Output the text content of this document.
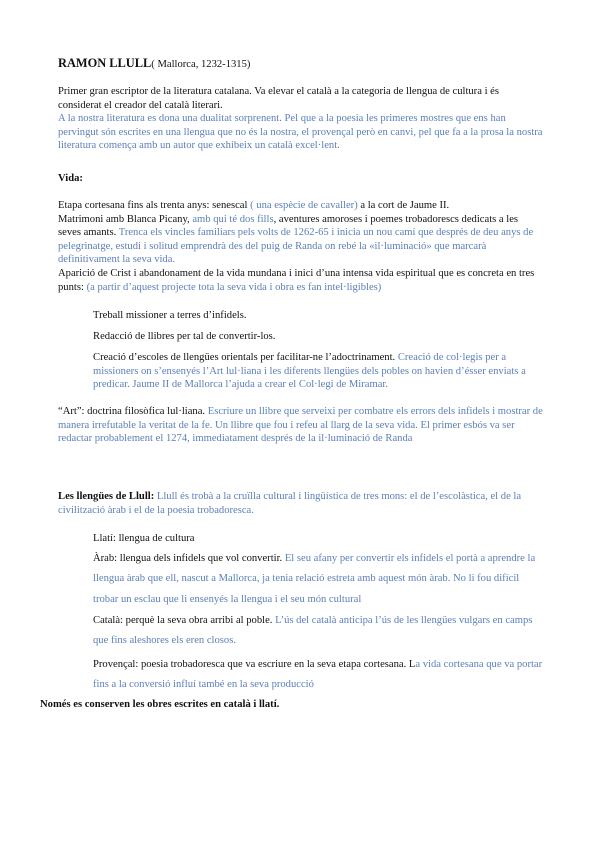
RAMON LLULL( Mallorca, 1232-1315)
Primer gran escriptor de la literatura catalana. Va elevar el català a la categoria de llengua de cultura i és considerat el creador del català literari.
A la nostra literatura es dona una dualitat sorprenent. Pel que a la poesia les primeres mostres que ens han pervingut són escrites en una llengua que no és la nostra, el provençal però en canvi, pel que fa a la prosa la nostra literatura comença amb un autor que exhibeix un català excel·lent.
Vida:
Etapa cortesana fins als trenta anys: senescal ( una espècie de cavaller) a la cort de Jaume II.
Matrimoni amb Blanca Picany, amb qui té dos fills, aventures amoroses i poemes trobadorescs dedicats a les seves amants. Trenca els vincles familiars pels volts de 1262-65 i inicia un nou camí que després de deu anys de pelegrinatge, estudi i solitud emprendrà des del puig de Randa on rebé la «il·luminació» que marcarà definitivament la seva vida.
Aparició de Crist i abandonament de la vida mundana i inici d’una intensa vida espiritual que es concreta en tres punts: (a partir d’aquest projecte tota la seva vida i obra es fan intel·ligibles)
Treball missioner a terres d’infidels.
Redacció de llibres per tal de convertir-los.
Creació d’escoles de llengües orientals per facilitar-ne l’adoctrinament. Creació de col·legis per a missioners on s’ensenyés l’Art lul·liana i les diferents llengües dels pobles on havien d’ésser enviats a predicar. Jaume II de Mallorca l’ajuda a crear el Col·legi de Miramar.
“Art”: doctrina filosòfica lul·liana. Escriure un llibre que serveixi per combatre els errors dels infidels i mostrar de manera irrefutable la veritat de la fe. Un llibre que fou i refeu al llarg de la seva vida. El primer esbós va ser redactar probablement el 1274, immediatament després de la il·luminació de Randa
Les llengües de Llull: Llull és trobà a la cruïlla cultural i lingüística de tres mons: el de l’escolàstica, el de la civilització àrab i el de la poesia trobadoresca.
Llatí: llengua de cultura
Àrab: llengua dels infidels que vol convertir. El seu afany per convertir els infidels el portà a aprendre la llengua àrab que ell, nascut a Mallorca, ja tenia relació estreta amb aquest món àrab. No li fou difícil trobar un esclau que li ensenyés la llengua i el seu món cultural
Català: perquè la seva obra arribi al poble. L’ús del català anticipa l’ús de les llengües vulgars en camps que fins aleshores els eren closos.
Provençal: poesia trobadoresca que va escriure en la seva etapa cortesana. La vida cortesana que va portar fins a la conversió influí també en la seva producció
Només es conserven les obres escrites en català i llatí.
